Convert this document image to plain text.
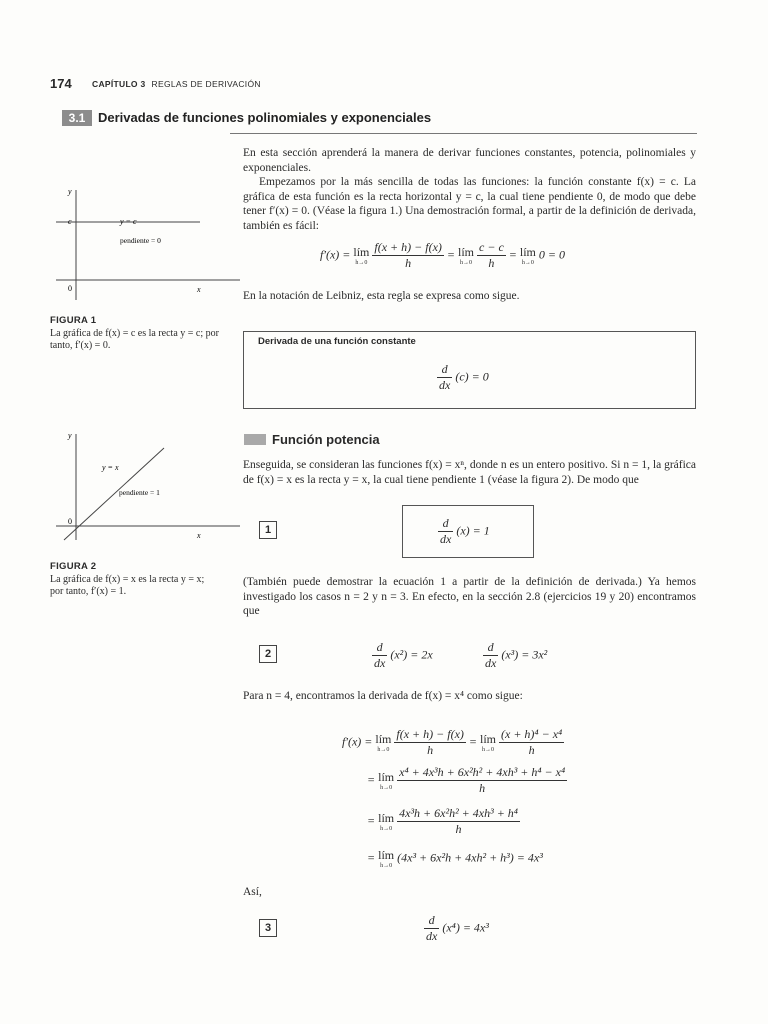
174 CAPÍTULO 3 REGLAS DE DERIVACIÓN
3.1 Derivadas de funciones polinomiales y exponenciales
En esta sección aprenderá la manera de derivar funciones constantes, potencia, polinomiales y exponenciales.
Empezamos por la más sencilla de todas las funciones: la función constante f(x) = c. La gráfica de esta función es la recta horizontal y = c, la cual tiene pendiente 0, de modo que debe tener f′(x) = 0. (Véase la figura 1.) Una demostración formal, a partir de la definición de derivada, también es fácil:
f′(x) = lím
h→0
$\frac{f(x + h) - f(x)}{h}$ = lím
h→0
$\frac{c - c}{h}$ = lím
h→0
0 = 0
En la notación de Leibniz, esta regla se expresa como sigue.
Derivada de una función constante
$\frac{d}{dx} (c) = 0$
y
x
0
c	y = c
pendiente = 0
FIGURA 1
La gráfica de f(x) = c es la recta y = c; por tanto, f′(x) = 0.
Función potencia
Enseguida, se consideran las funciones f(x) = xⁿ, donde n es un entero positivo. Si n = 1, la gráfica de f(x) = x es la recta y = x, la cual tiene pendiente 1 (véase la figura 2). De modo que
y
x
0
y = x
pendiente = 1
FIGURA 2
La gráfica de f(x) = x es la recta y = x; por tanto, f′(x) = 1.
1	$\frac{d}{dx} (x) = 1$
(También puede demostrar la ecuación 1 a partir de la definición de derivada.) Ya hemos investigado los casos n = 2 y n = 3. En efecto, en la sección 2.8 (ejercicios 19 y 20) encontramos que
2	$\frac{d}{dx} (x^2) = 2x$	$\frac{d}{dx} (x^3) = 3x^2$
Para n = 4, encontramos la derivada de f(x) = x⁴ como sigue:
f′(x) = lím
h→0
$\frac{f(x + h) - f(x)}{h}$ = lím
h→0
$\frac{\text{(x + h)⁴ − x⁴}}{h}$
= lím
h→0
$\frac{\text{x⁴ + 4x³h + 6x²h² + 4xh³ + h⁴ − x⁴}}{h}$
= lím
h→0
$\frac{\text{4x³h + 6x²h² + 4xh³ + h⁴}}{h}$
= lím
h→0
(4x³ + 6x²h + 4xh² + h³) = 4x³
Así,
3	$\frac{d}{dx} (x^4) = 4x^3$
